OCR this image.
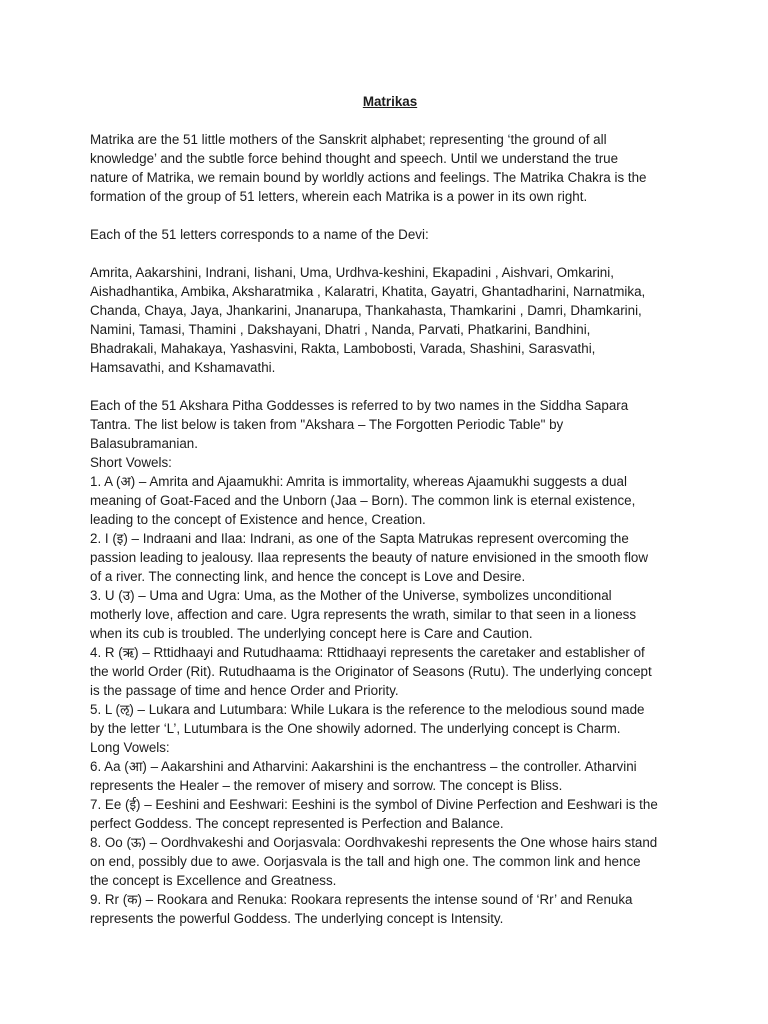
Matrikas
Matrika are the 51 little mothers of the Sanskrit alphabet; representing ‘the ground of all
knowledge’ and the subtle force behind thought and speech. Until we understand the true
nature of Matrika, we remain bound by worldly actions and feelings. The Matrika Chakra is the
formation of the group of 51 letters, wherein each Matrika is a power in its own right.
Each of the 51 letters corresponds to a name of the Devi:
Amrita, Aakarshini, Indrani, Iishani, Uma, Urdhva-keshini, Ekapadini , Aishvari, Omkarini,
Aishadhantika, Ambika, Aksharatmika , Kalaratri, Khatita, Gayatri, Ghantadharini, Narnatmika,
Chanda, Chaya, Jaya, Jhankarini, Jnanarupa, Thankahasta, Thamkarini , Damri, Dhamkarini,
Namini, Tamasi, Thamini , Dakshayani, Dhatri , Nanda, Parvati, Phatkarini, Bandhini,
Bhadrakali, Mahakaya, Yashasvini, Rakta, Lambobosti, Varada, Shashini, Sarasvathi,
Hamsavathi, and Kshamavathi.
Each of the 51 Akshara Pitha Goddesses is referred to by two names in the Siddha Sapara
Tantra. The list below is taken from "Akshara – The Forgotten Periodic Table" by
Balasubramanian.
Short Vowels:
1. A (अ) – Amrita and Ajaamukhi: Amrita is immortality, whereas Ajaamukhi suggests a dual
meaning of Goat-Faced and the Unborn (Jaa – Born). The common link is eternal existence,
leading to the concept of Existence and hence, Creation.
2. I (इ) – Indraani and Ilaa: Indrani, as one of the Sapta Matrukas represent overcoming the
passion leading to jealousy. Ilaa represents the beauty of nature envisioned in the smooth flow
of a river. The connecting link, and hence the concept is Love and Desire.
3. U (उ) – Uma and Ugra: Uma, as the Mother of the Universe, symbolizes unconditional
motherly love, affection and care. Ugra represents the wrath, similar to that seen in a lioness
when its cub is troubled. The underlying concept here is Care and Caution.
4. R (ऋ) – Rttidhaayi and Rutudhaama: Rttidhaayi represents the caretaker and establisher of
the world Order (Rit). Rutudhaama is the Originator of Seasons (Rutu). The underlying concept
is the passage of time and hence Order and Priority.
5. L (ऌ) – Lukara and Lutumbara: While Lukara is the reference to the melodious sound made
by the letter ‘L’, Lutumbara is the One showily adorned. The underlying concept is Charm.
Long Vowels:
6. Aa (आ) – Aakarshini and Atharvini: Aakarshini is the enchantress – the controller. Atharvini
represents the Healer – the remover of misery and sorrow. The concept is Bliss.
7. Ee (ई) – Eeshini and Eeshwari: Eeshini is the symbol of Divine Perfection and Eeshwari is the
perfect Goddess. The concept represented is Perfection and Balance.
8. Oo (ऊ) – Oordhvakeshi and Oorjasvala: Oordhvakeshi represents the One whose hairs stand
on end, possibly due to awe. Oorjasvala is the tall and high one. The common link and hence
the concept is Excellence and Greatness.
9. Rr (क) – Rookara and Renuka: Rookara represents the intense sound of ‘Rr’ and Renuka
represents the powerful Goddess. The underlying concept is Intensity.
